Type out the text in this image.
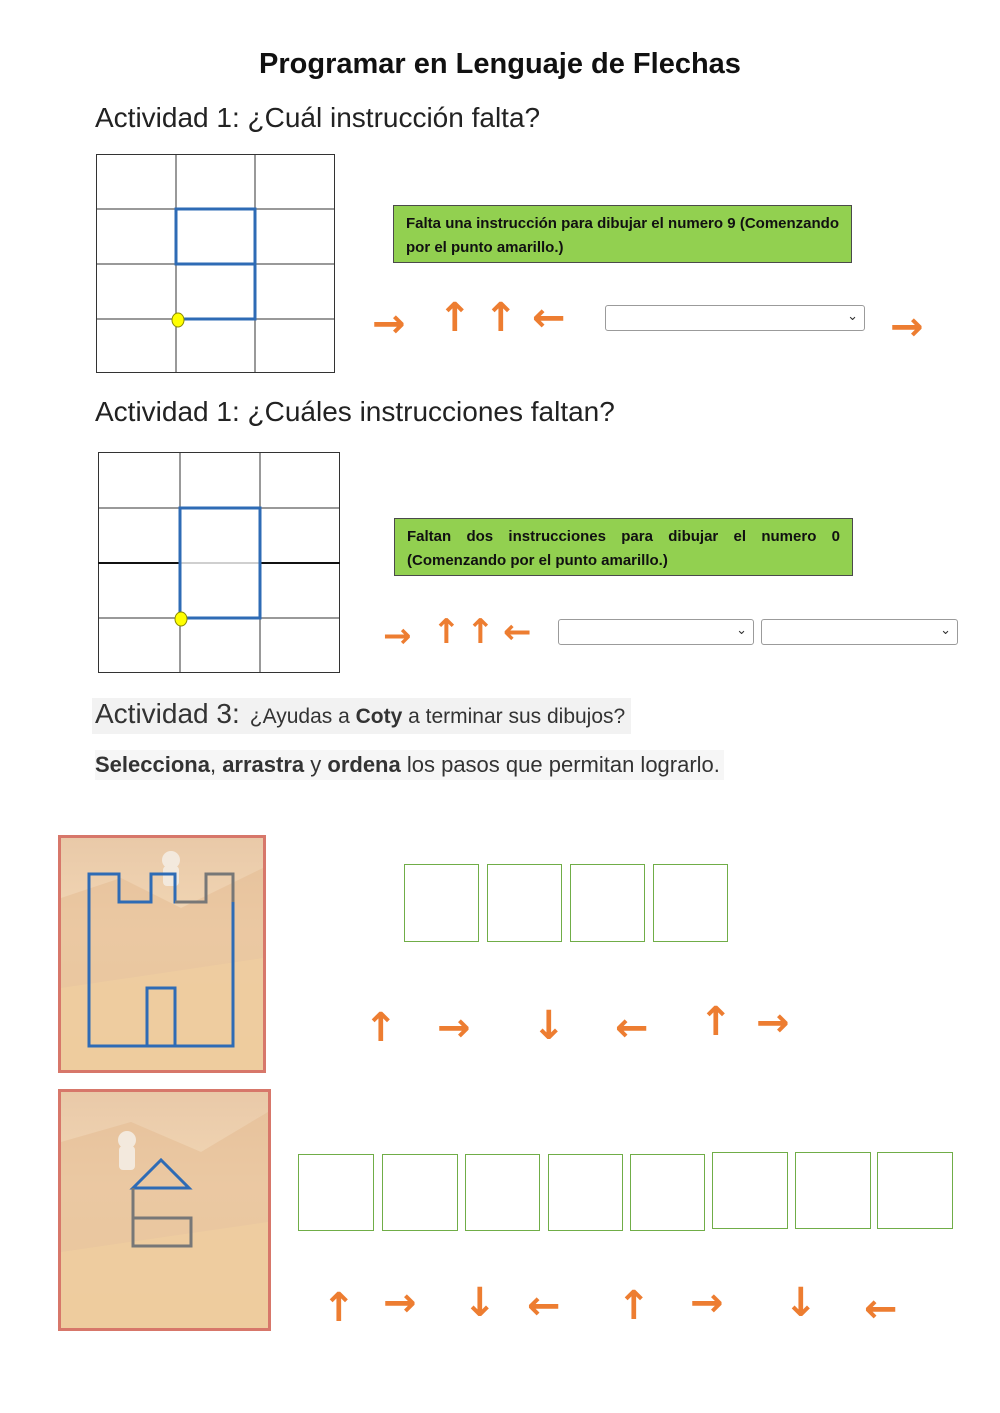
Programar en Lenguaje de Flechas
Actividad 1: ¿Cuál instrucción falta?
Falta una instrucción para dibujar el numero 9 (Comenzando por el punto amarillo.)
→ ↑ ↑ ←	⌄ →
Actividad 1: ¿Cuáles instrucciones faltan?
Faltan dos instrucciones para dibujar el numero 0 (Comenzando por el punto amarillo.)
→ ↑ ↑ ←	⌄	⌄
Actividad 3: ¿Ayudas a Coty a terminar sus dibujos?
Selecciona, arrastra y ordena los pasos que permitan lograrlo.
↑ → ↓ ← ↑ →
↑ → ↓ ← ↑ → ↓ ←
